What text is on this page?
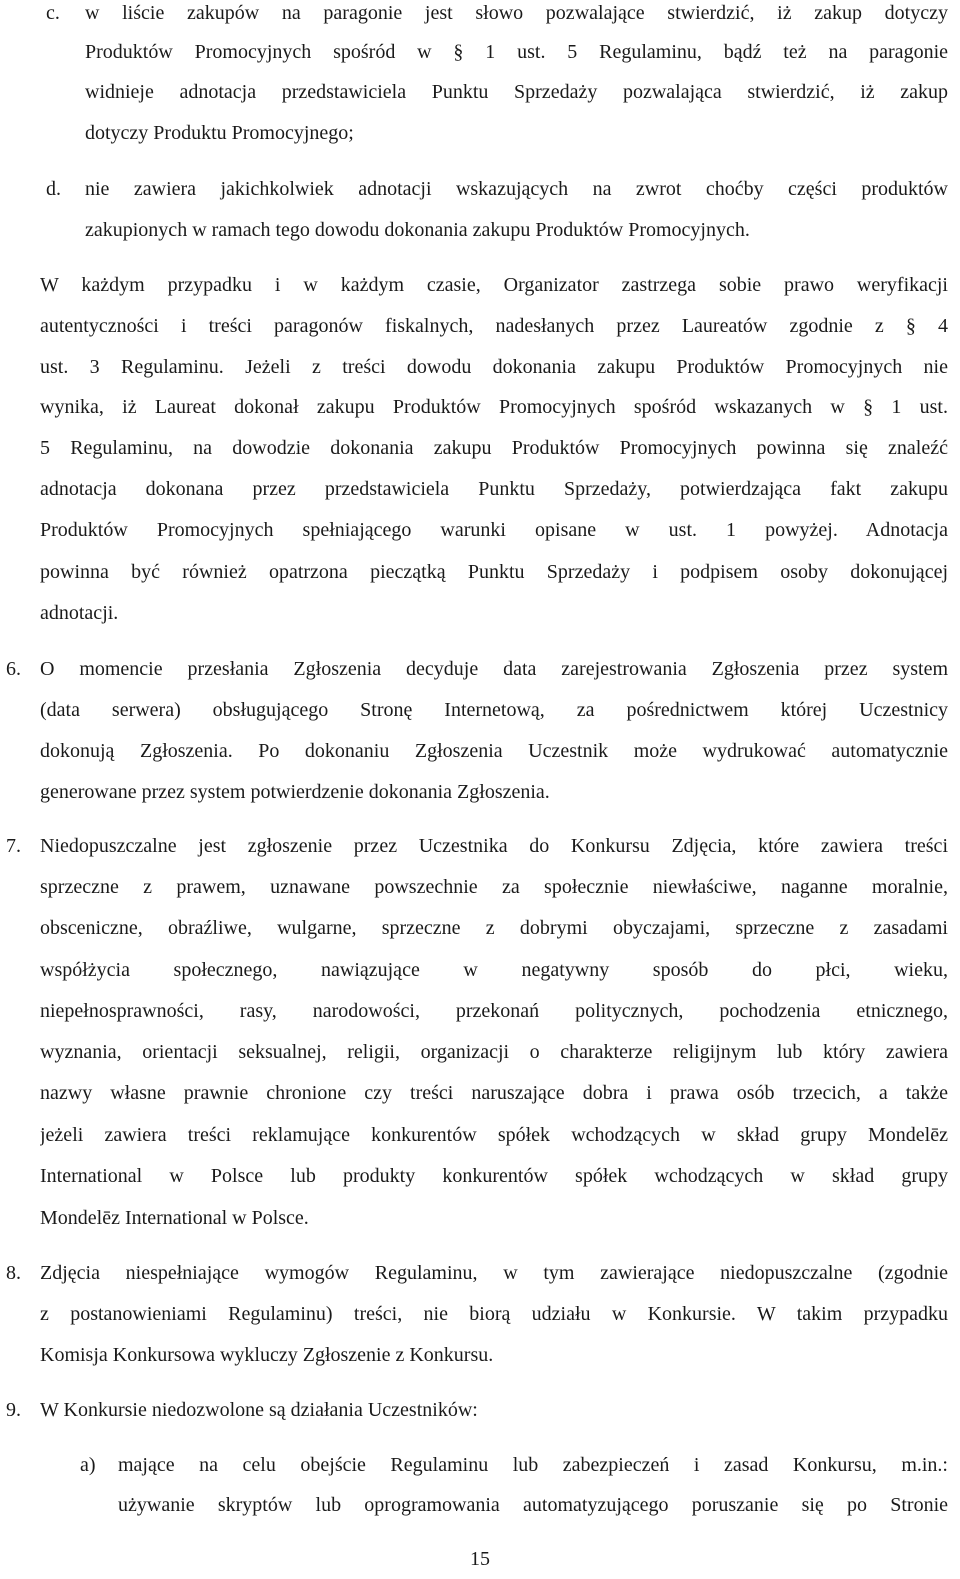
c. w liście zakupów na paragonie jest słowo pozwalające stwierdzić, iż zakup dotyczy
Produktów Promocyjnych spośród w § 1 ust. 5 Regulaminu, bądź też na paragonie
widnieje adnotacja przedstawiciela Punktu Sprzedaży pozwalająca stwierdzić, iż zakup
dotyczy Produktu Promocyjnego;
d. nie zawiera jakichkolwiek adnotacji wskazujących na zwrot choćby części produktów
zakupionych w ramach tego dowodu dokonania zakupu Produktów Promocyjnych.
W każdym przypadku i w każdym czasie, Organizator zastrzega sobie prawo weryfikacji
autentyczności i treści paragonów fiskalnych, nadesłanych przez Laureatów zgodnie z § 4
ust. 3 Regulaminu. Jeżeli z treści dowodu dokonania zakupu Produktów Promocyjnych nie
wynika, iż Laureat dokonał zakupu Produktów Promocyjnych spośród wskazanych w § 1 ust.
5 Regulaminu, na dowodzie dokonania zakupu Produktów Promocyjnych powinna się znaleźć
adnotacja dokonana przez przedstawiciela Punktu Sprzedaży, potwierdzająca fakt zakupu
Produktów Promocyjnych spełniającego warunki opisane w ust. 1 powyżej. Adnotacja
powinna być również opatrzona pieczątką Punktu Sprzedaży i podpisem osoby dokonującej
adnotacji.
6. O momencie przesłania Zgłoszenia decyduje data zarejestrowania Zgłoszenia przez system
(data serwera) obsługującego Stronę Internetową, za pośrednictwem której Uczestnicy
dokonują Zgłoszenia. Po dokonaniu Zgłoszenia Uczestnik może wydrukować automatycznie
generowane przez system potwierdzenie dokonania Zgłoszenia.
7. Niedopuszczalne jest zgłoszenie przez Uczestnika do Konkursu Zdjęcia, które zawiera treści
sprzeczne z prawem, uznawane powszechnie za społecznie niewłaściwe, naganne moralnie,
obsceniczne, obraźliwe, wulgarne, sprzeczne z dobrymi obyczajami, sprzeczne z zasadami
współżycia społecznego, nawiązujące w negatywny sposób do płci, wieku,
niepełnosprawności, rasy, narodowości, przekonań politycznych, pochodzenia etnicznego,
wyznania, orientacji seksualnej, religii, organizacji o charakterze religijnym lub który zawiera
nazwy własne prawnie chronione czy treści naruszające dobra i prawa osób trzecich, a także
jeżeli zawiera treści reklamujące konkurentów spółek wchodzących w skład grupy Mondelēz
International w Polsce lub produkty konkurentów spółek wchodzących w skład grupy
Mondelēz International w Polsce.
8. Zdjęcia niespełniające wymogów Regulaminu, w tym zawierające niedopuszczalne (zgodnie
z postanowieniami Regulaminu) treści, nie biorą udziału w Konkursie. W takim przypadku
Komisja Konkursowa wykluczy Zgłoszenie z Konkursu.
9. W Konkursie niedozwolone są działania Uczestników:
a) mające na celu obejście Regulaminu lub zabezpieczeń i zasad Konkursu, m.in.:
używanie skryptów lub oprogramowania automatyzującego poruszanie się po Stronie
15
